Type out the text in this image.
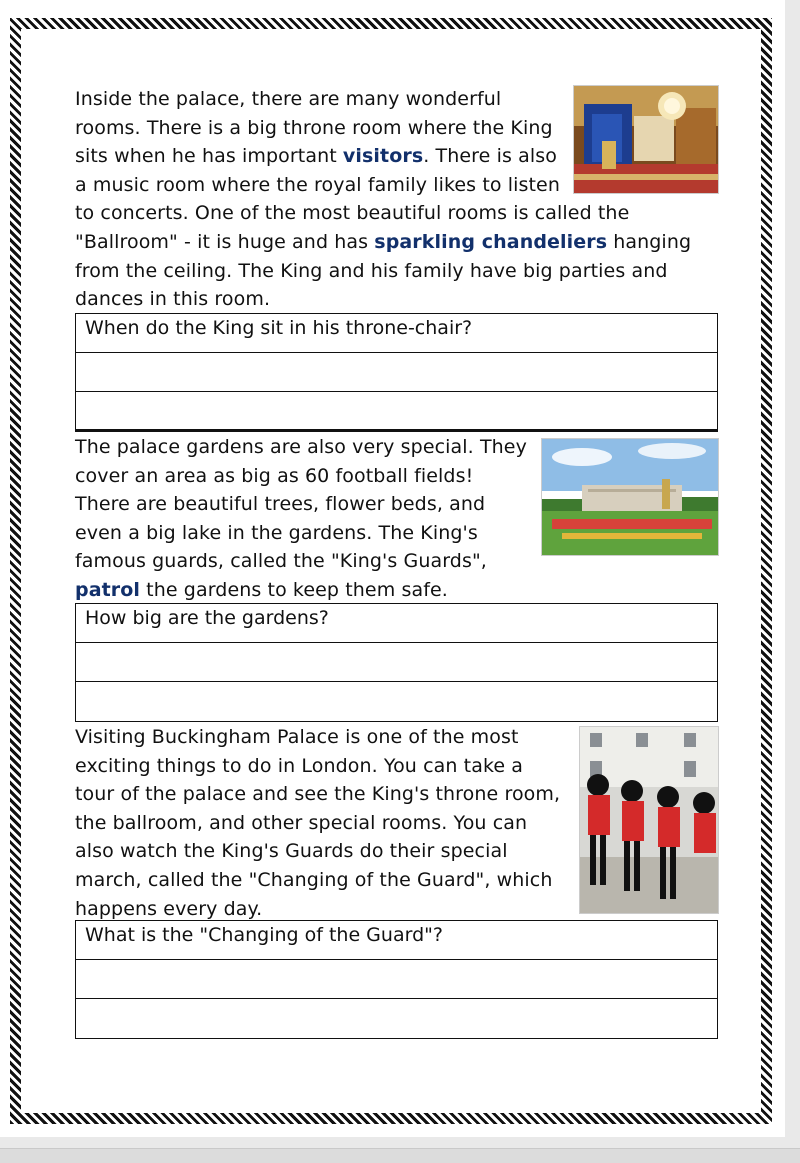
Inside the palace, there are many wonderful rooms. There is a big throne room where the King sits when he has important visitors. There is also a music room where the royal family likes to listen to concerts. One of the most beautiful rooms is called the "Ballroom" - it is huge and has sparkling chandeliers hanging from the ceiling. The King and his family have big parties and dances in this room.

When do the King sit in his throne-chair?

The palace gardens are also very special. They cover an area as big as 60 football fields! There are beautiful trees, flower beds, and even a big lake in the gardens. The King's famous guards, called the "King's Guards", patrol the gardens to keep them safe.

How big are the gardens?

Visiting Buckingham Palace is one of the most exciting things to do in London. You can take a tour of the palace and see the King's throne room, the ballroom, and other special rooms. You can also watch the King's Guards do their special march, called the "Changing of the Guard", which happens every day.

What is the "Changing of the Guard"?
